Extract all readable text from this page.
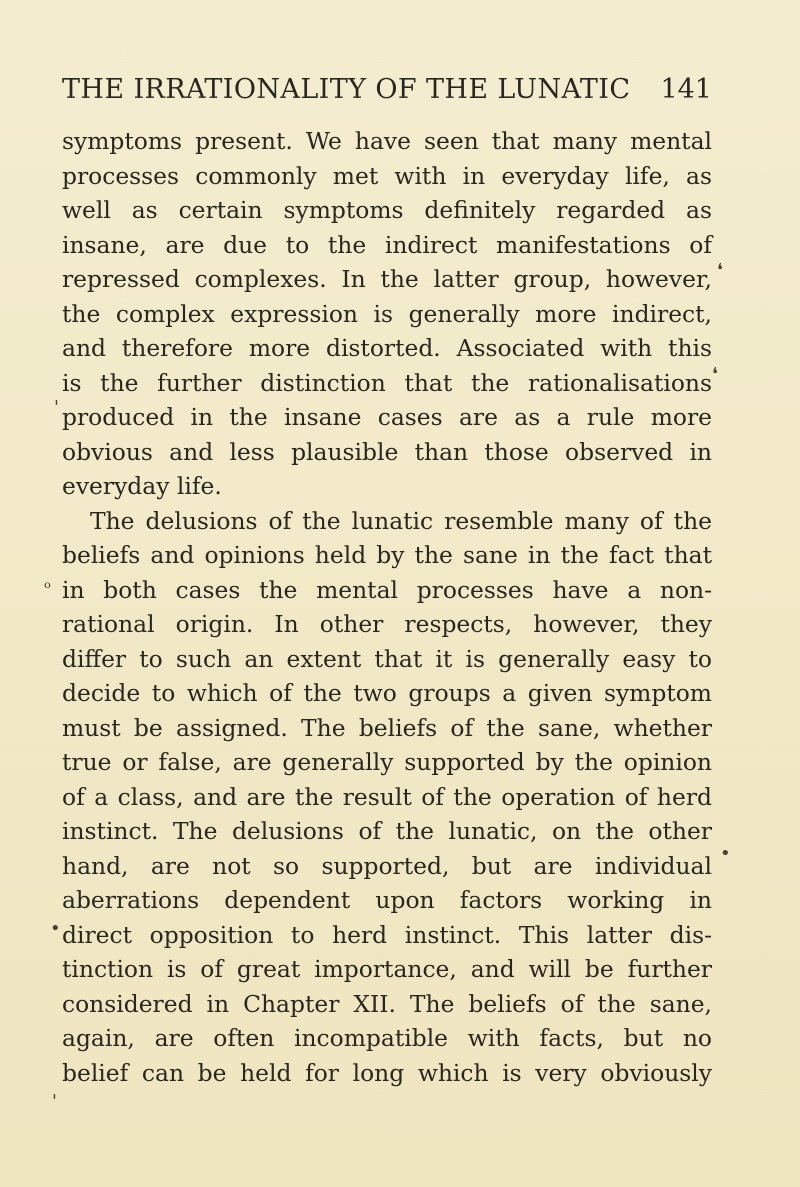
THE IRRATIONALITY OF THE LUNATIC 141
symptoms present. We have seen that many mental
processes commonly met with in everyday life, as
well as certain symptoms definitely regarded as
insane, are due to the indirect manifestations of
repressed complexes. In the latter group, however,
the complex expression is generally more indirect,
and therefore more distorted. Associated with this
is the further distinction that the rationalisations
produced in the insane cases are as a rule more
obvious and less plausible than those observed in
everyday life.
The delusions of the lunatic resemble many of the
beliefs and opinions held by the sane in the fact that
in both cases the mental processes have a non-
rational origin. In other respects, however, they
differ to such an extent that it is generally easy to
decide to which of the two groups a given symptom
must be assigned. The beliefs of the sane, whether
true or false, are generally supported by the opinion
of a class, and are the result of the operation of herd
instinct. The delusions of the lunatic, on the other
hand, are not so supported, but are individual
aberrations dependent upon factors working in
direct opposition to herd instinct. This latter dis-
tinction is of great importance, and will be further
considered in Chapter XII. The beliefs of the sane,
again, are often incompatible with facts, but no
belief can be held for long which is very obviously
❛
❛
'
ₒ
•
•
'
